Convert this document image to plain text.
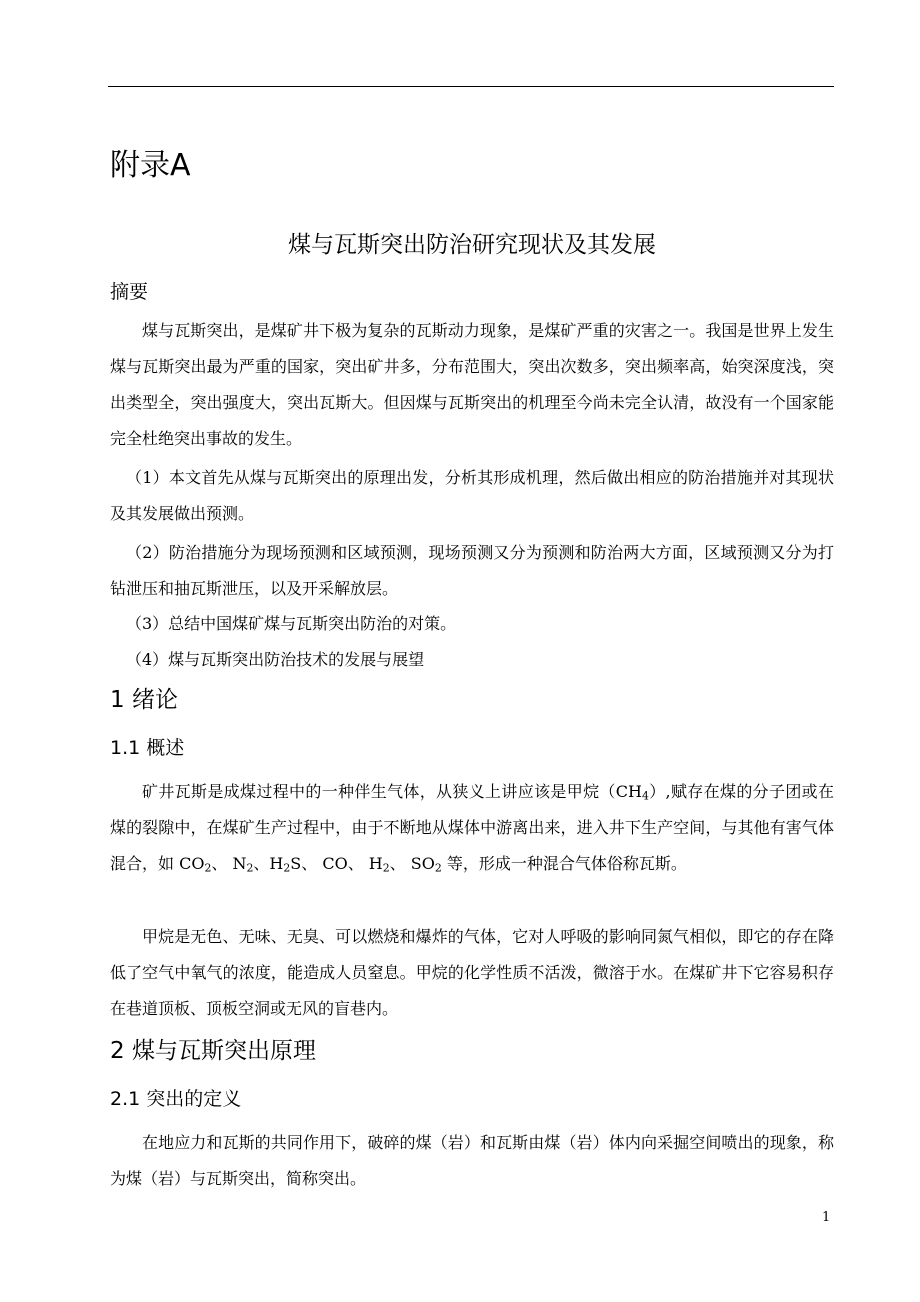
附录A
煤与瓦斯突出防治研究现状及其发展
摘要
煤与瓦斯突出，是煤矿井下极为复杂的瓦斯动力现象，是煤矿严重的灾害之一。我国是世界上发生煤与瓦斯突出最为严重的国家，突出矿井多，分布范围大，突出次数多，突出频率高，始突深度浅，突出类型全，突出强度大，突出瓦斯大。但因煤与瓦斯突出的机理至今尚未完全认清，故没有一个国家能完全杜绝突出事故的发生。
（1）本文首先从煤与瓦斯突出的原理出发，分析其形成机理，然后做出相应的防治措施并对其现状及其发展做出预测。
（2）防治措施分为现场预测和区域预测，现场预测又分为预测和防治两大方面，区域预测又分为打钻泄压和抽瓦斯泄压，以及开采解放层。
（3）总结中国煤矿煤与瓦斯突出防治的对策。
（4）煤与瓦斯突出防治技术的发展与展望
1 绪论
1.1 概述
矿井瓦斯是成煤过程中的一种伴生气体，从狭义上讲应该是甲烷$(CH_4)$,赋存在煤的分子团或在煤的裂隙中，在煤矿生产过程中，由于不断地从煤体中游离出来，进入井下生产空间，与其他有害气体混合，如 $CO_2$、 $N_2$、$H_2S$、 CO、 $H_2$、 $SO_2$ 等，形成一种混合气体俗称瓦斯。
甲烷是无色、无味、无臭、可以燃烧和爆炸的气体，它对人呼吸的影响同氮气相似，即它的存在降低了空气中氧气的浓度，能造成人员窒息。甲烷的化学性质不活泼，微溶于水。在煤矿井下它容易积存在巷道顶板、顶板空洞或无风的盲巷内。
2 煤与瓦斯突出原理
2.1 突出的定义
在地应力和瓦斯的共同作用下，破碎的煤（岩）和瓦斯由煤（岩）体内向采掘空间喷出的现象，称为煤（岩）与瓦斯突出，简称突出。
1
